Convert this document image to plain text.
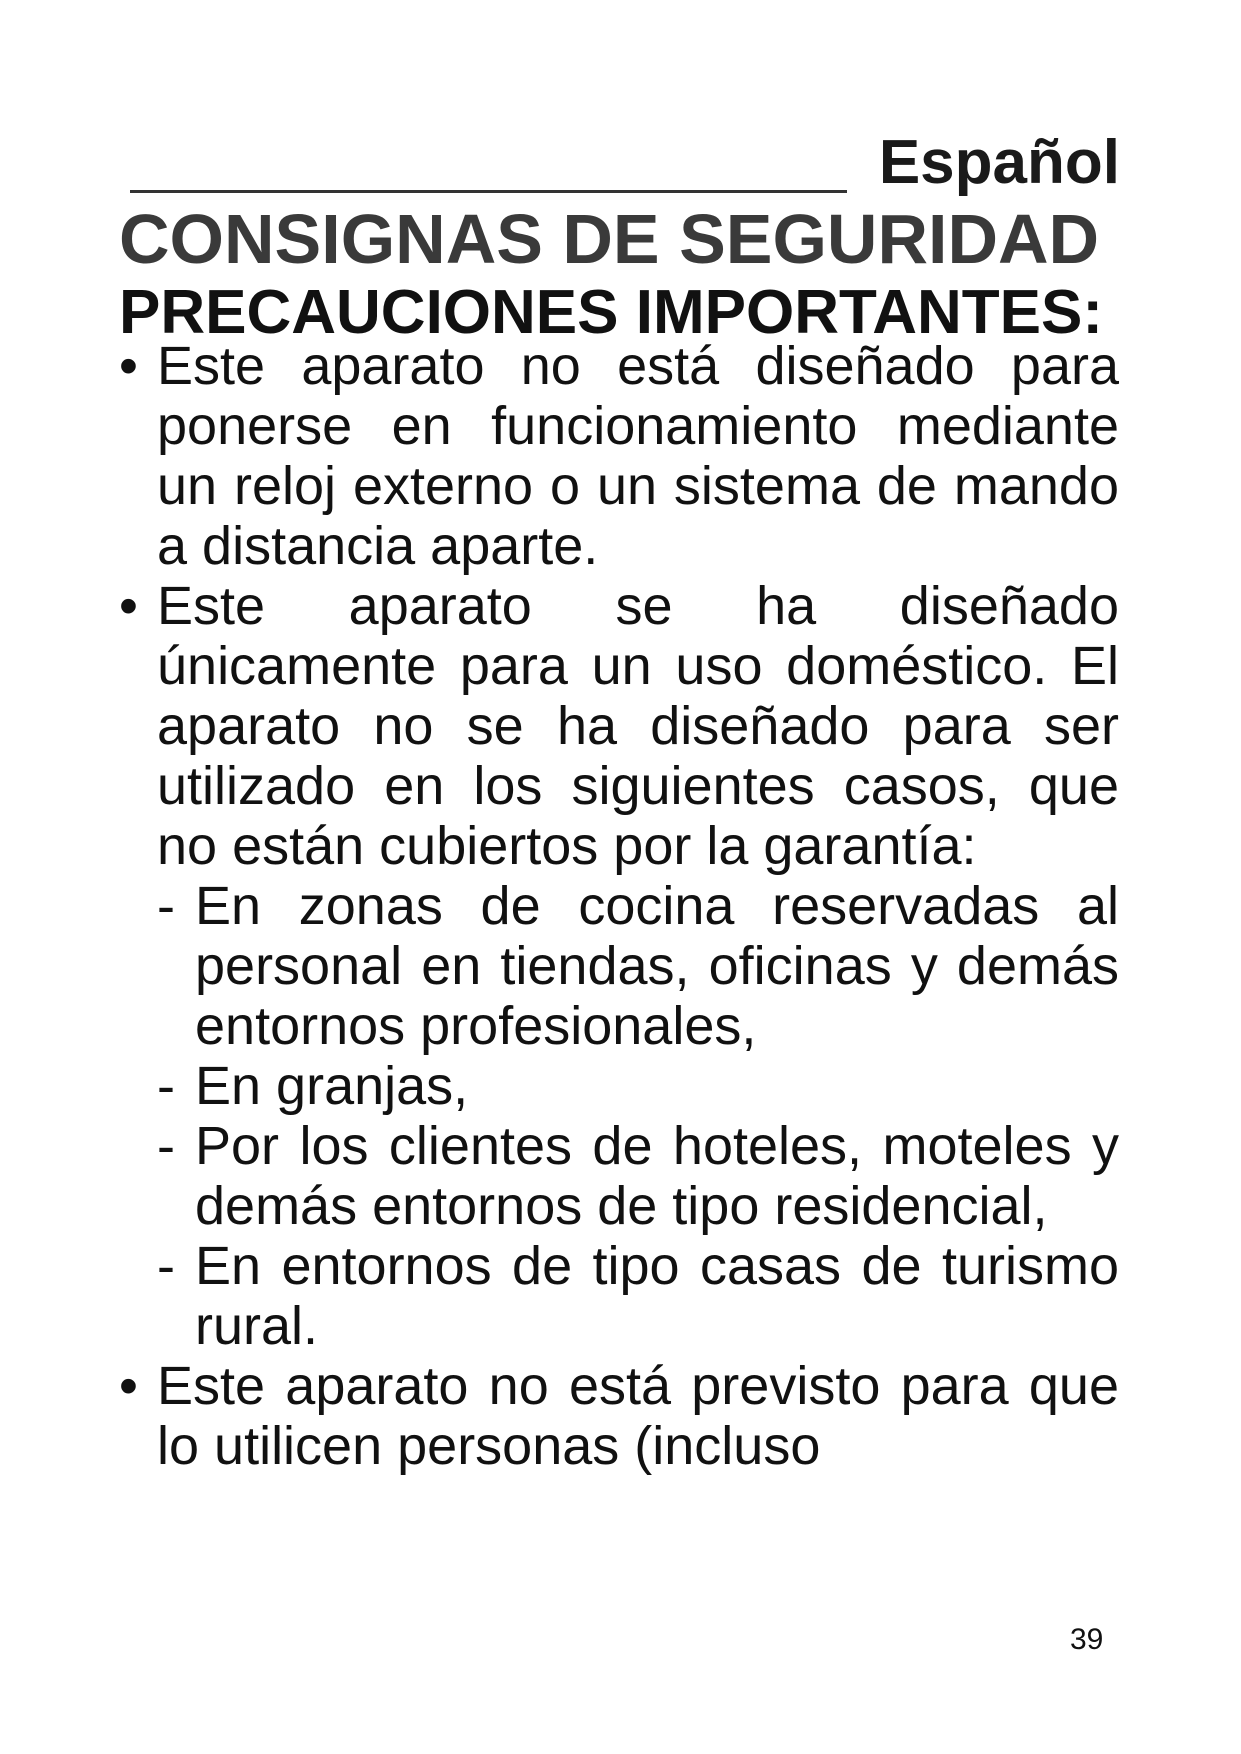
Español
CONSIGNAS DE SEGURIDAD
PRECAUCIONES IMPORTANTES:
• Este aparato no está diseñado para ponerse en funcionamiento mediante un reloj externo o un sistema de mando a distancia aparte.
• Este aparato se ha diseñado únicamente para un uso doméstico. El aparato no se ha diseñado para ser utilizado en los siguientes casos, que no están cubiertos por la garantía:
- En zonas de cocina reservadas al personal en tiendas, oficinas y demás entornos profesionales,
- En granjas,
- Por los clientes de hoteles, moteles y demás entornos de tipo residencial,
- En entornos de tipo casas de turismo rural.
• Este aparato no está previsto para que lo utilicen personas (incluso
39
